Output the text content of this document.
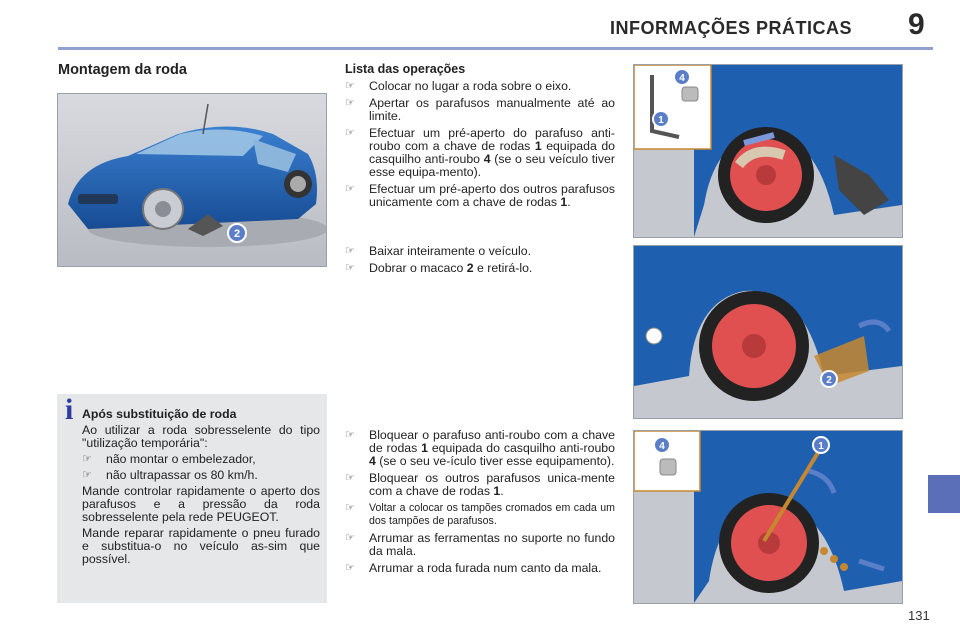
INFORMAÇÕES PRÁTICAS 9
Montagem da roda
2
Lista das operações
☞ Colocar no lugar a roda sobre o eixo.
☞ Apertar os parafusos manualmente até ao limite.
☞ Efectuar um pré-aperto do parafuso anti-roubo com a chave de rodas 1 equipada do casquilho anti-roubo 4 (se o seu veículo tiver esse equipa-mento).
☞ Efectuar um pré-aperto dos outros parafusos unicamente com a chave de rodas 1.
☞ Baixar inteiramente o veículo.
☞ Dobrar o macaco 2 e retirá-lo.
☞ Bloquear o parafuso anti-roubo com a chave de rodas 1 equipada do casquilho anti-roubo 4 (se o seu ve-ículo tiver esse equipamento).
☞ Bloquear os outros parafusos unica-mente com a chave de rodas 1.
☞ Voltar a colocar os tampões cromados em cada um dos tampões de parafusos.
☞ Arrumar as ferramentas no suporte no fundo da mala.
☞ Arrumar a roda furada num canto da mala.
4
1
2
4	1
i Após substituição de roda

Ao utilizar a roda sobresselente do tipo "utilização temporária":

☞ não montar o embelezador,
☞ não ultrapassar os 80 km/h.

Mande controlar rapidamente o aperto dos parafusos e a pressão da roda sobresselente pela rede PEUGEOT.

Mande reparar rapidamente o pneu furado e substitua-o no veículo as-sim que possível.

131
